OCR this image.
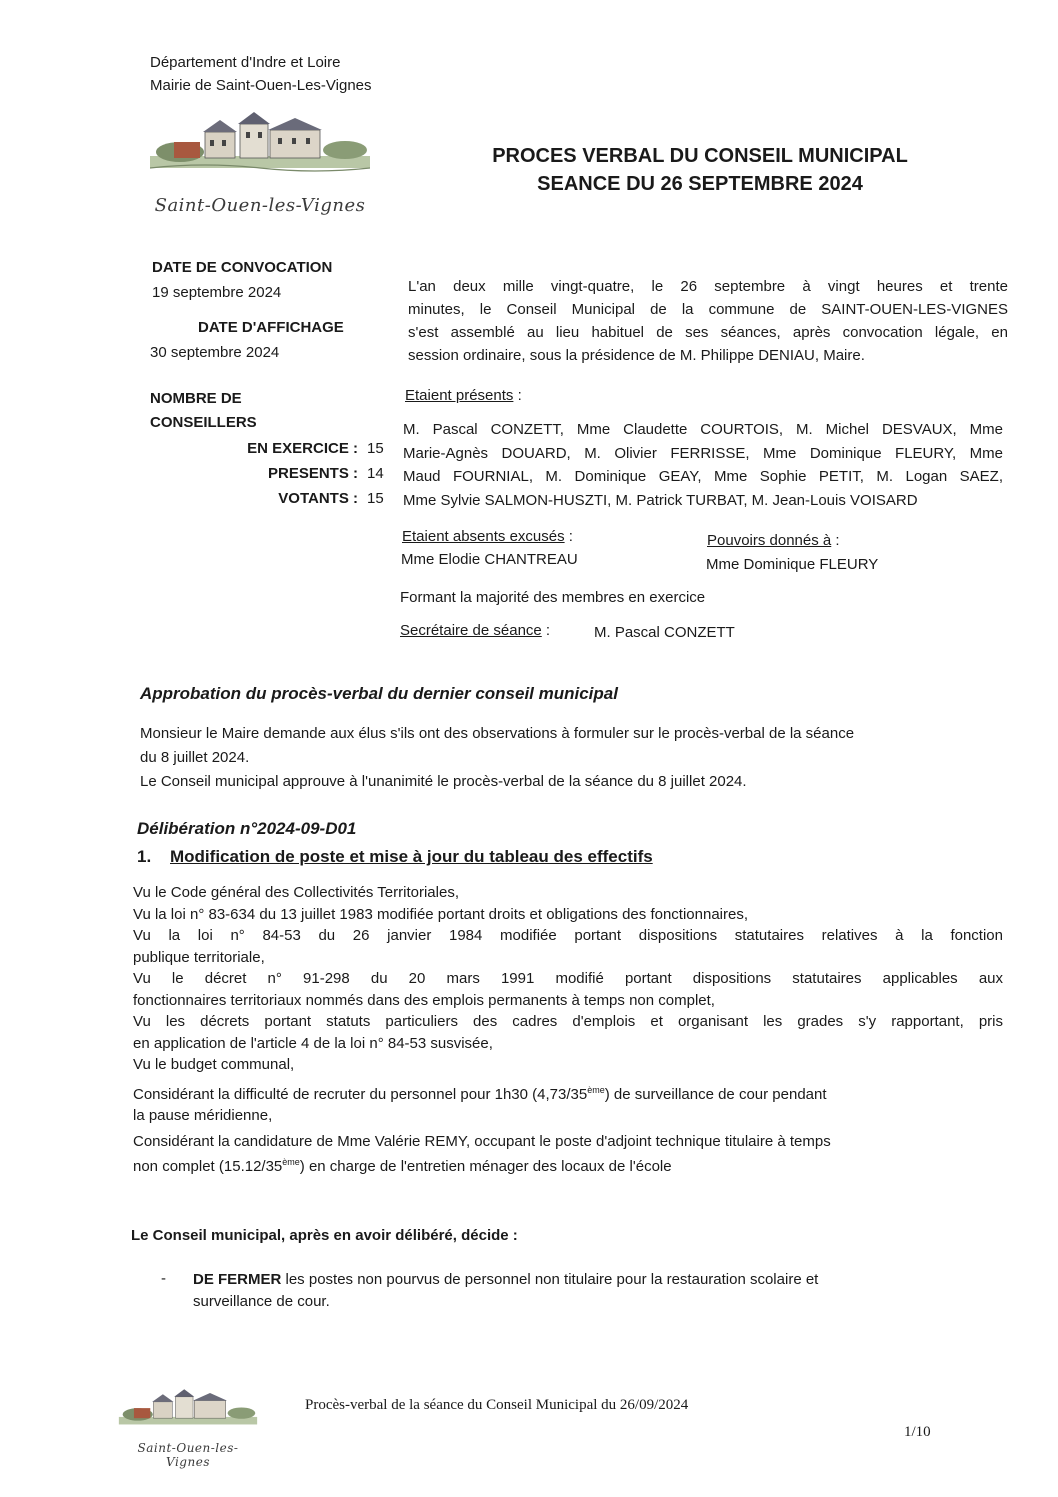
Département d'Indre et Loire
Mairie de Saint-Ouen-Les-Vignes
Saint-Ouen-les-Vignes
PROCES VERBAL DU CONSEIL MUNICIPAL
SEANCE DU 26 SEPTEMBRE 2024
DATE DE CONVOCATION
19 septembre 2024
DATE D'AFFICHAGE
30 septembre 2024
NOMBRE DE
CONSEILLERS
EN EXERCICE : 15
PRESENTS : 14
VOTANTS : 15
L'an deux mille vingt-quatre, le 26 septembre à vingt heures et trente
minutes, le Conseil Municipal de la commune de SAINT-OUEN-LES-VIGNES
s'est assemblé au lieu habituel de ses séances, après convocation légale, en
session ordinaire, sous la présidence de M. Philippe DENIAU, Maire.
Etaient présents :
M. Pascal CONZETT, Mme Claudette COURTOIS, M. Michel DESVAUX, Mme
Marie-Agnès DOUARD, M. Olivier FERRISSE, Mme Dominique FLEURY, Mme
Maud FOURNIAL, M. Dominique GEAY, Mme Sophie PETIT, M. Logan SAEZ,
Mme Sylvie SALMON-HUSZTI, M. Patrick TURBAT, M. Jean-Louis VOISARD
Etaient absents excusés :
Mme Elodie CHANTREAU
Pouvoirs donnés à :
Mme Dominique FLEURY
Formant la majorité des membres en exercice
Secrétaire de séance :	M. Pascal CONZETT
Approbation du procès-verbal du dernier conseil municipal
Monsieur le Maire demande aux élus s'ils ont des observations à formuler sur le procès-verbal de la séance
du 8 juillet 2024.
Le Conseil municipal approuve à l'unanimité le procès-verbal de la séance du 8 juillet 2024.
Délibération n°2024-09-D01
1. Modification de poste et mise à jour du tableau des effectifs
Vu le Code général des Collectivités Territoriales,
Vu la loi n° 83-634 du 13 juillet 1983 modifiée portant droits et obligations des fonctionnaires,
Vu la loi n° 84-53 du 26 janvier 1984 modifiée portant dispositions statutaires relatives à la fonction
publique territoriale,
Vu le décret n° 91-298 du 20 mars 1991 modifié portant dispositions statutaires applicables aux
fonctionnaires territoriaux nommés dans des emplois permanents à temps non complet,
Vu les décrets portant statuts particuliers des cadres d'emplois et organisant les grades s'y rapportant, pris
en application de l'article 4 de la loi n° 84-53 susvisée,
Vu le budget communal,
Considérant la difficulté de recruter du personnel pour 1h30 (4,73/35ème) de surveillance de cour pendant
la pause méridienne,
Considérant la candidature de Mme Valérie REMY, occupant le poste d'adjoint technique titulaire à temps
non complet (15.12/35ème) en charge de l'entretien ménager des locaux de l'école
Le Conseil municipal, après en avoir délibéré, décide :
- DE FERMER les postes non pourvus de personnel non titulaire pour la restauration scolaire et
surveillance de cour.
Saint-Ouen-les-Vignes
Procès-verbal de la séance du Conseil Municipal du 26/09/2024
1/10
